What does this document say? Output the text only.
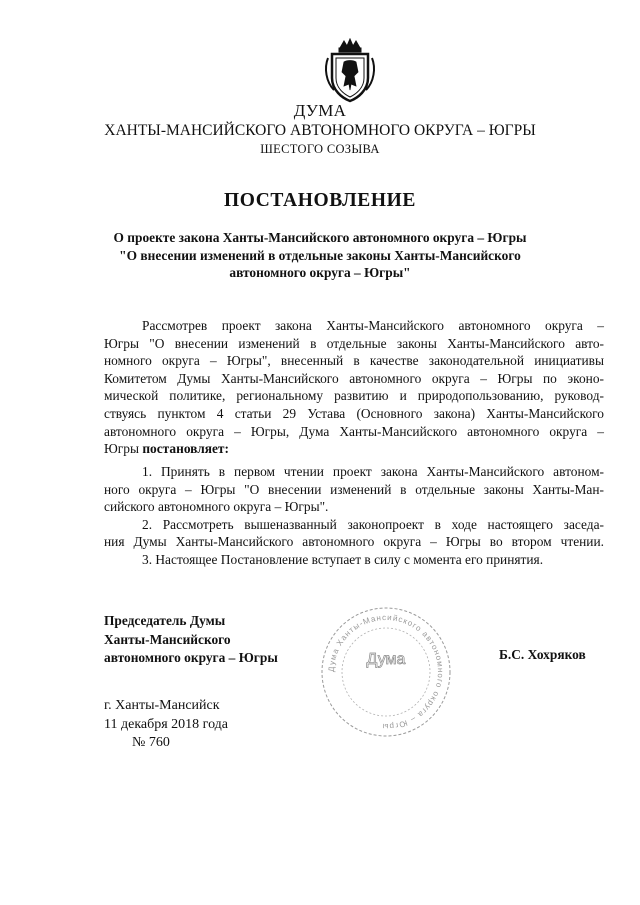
ДУМА

ХАНТЫ-МАНСИЙСКОГО АВТОНОМНОГО ОКРУГА – ЮГРЫ

ШЕСТОГО СОЗЫВА

ПОСТАНОВЛЕНИЕ

О проекте закона Ханты-Мансийского автономного округа – Югры
"О внесении изменений в отдельные законы Ханты-Мансийского
автономного округа – Югры"
Рассмотрев проект закона Ханты-Мансийского автономного округа –
Югры "О внесении изменений в отдельные законы Ханты-Мансийского авто-
номного округа – Югры", внесенный в качестве законодательной инициативы
Комитетом Думы Ханты-Мансийского автономного округа – Югры по эконо-
мической политике, региональному развитию и природопользованию, руковод-
ствуясь пунктом 4 статьи 29 Устава (Основного закона) Ханты-Мансийского
автономного округа – Югры, Дума Ханты-Мансийского автономного округа –
Югры постановляет:
1. Принять в первом чтении проект закона Ханты-Мансийского автоном-
ного округа – Югры "О внесении изменений в отдельные законы Ханты-Ман-
сийского автономного округа – Югры".
2. Рассмотреть вышеназванный законопроект в ходе настоящего заседа-
ния Думы Ханты-Мансийского автономного округа – Югры во втором чтении.
3. Настоящее Постановление вступает в силу с момента его принятия.
Председатель Думы
Ханты-Мансийского
автономного округа – Югры
Дума Ханты-Мансийского автономного округа – Югры
Дума	Б.С. Хохряков
г. Ханты-Мансийск
11 декабря 2018 года
№ 760
